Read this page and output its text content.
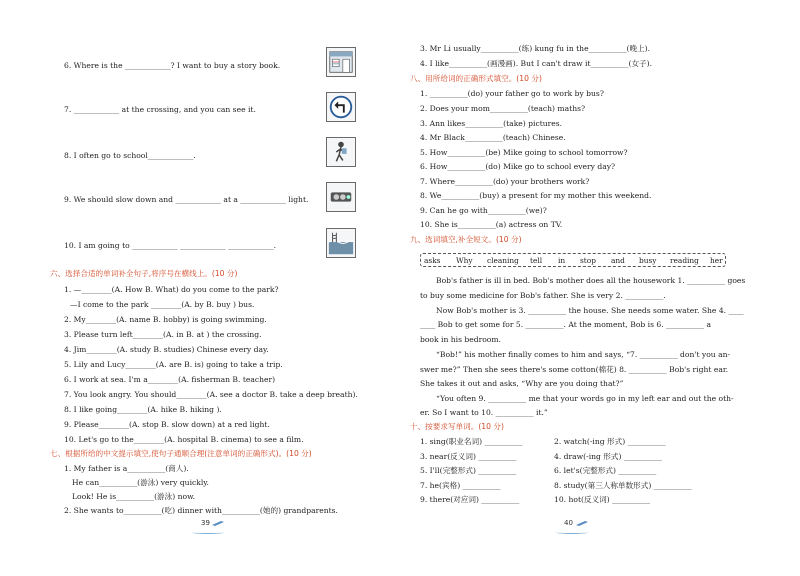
6. Where is the ____________? I want to buy a story book.
7. ____________ at the crossing, and you can see it.
8. I often go to school____________.
9. We should slow down and ____________ at a ____________ light.
10. I am going to ____________ ____________ ____________.
六、选择合适的单词补全句子,将序号在横线上。(10 分)
1. —________(A. How B. What) do you come to the park?
—I come to the park ________(A. by B. buy ) bus.
2. My________(A. name B. hobby) is going swimming.
3. Please turn left________(A. in B. at ) the crossing.
4. Jim________(A. study B. studies) Chinese every day.
5. Lily and Lucy________(A. are B. is) going to take a trip.
6. I work at sea. I'm a________(A. fisherman B. teacher)
7. You look angry. You should________(A. see a doctor B. take a deep breath).
8. I like going________(A. hike B. hiking ).
9. Please________(A. stop B. slow down) at a red light.
10. Let's go to the________(A. hospital B. cinema) to see a film.
七、根据所给的中文提示填空,使句子通顺合理(注意单词的正确形式)。(10 分)
1. My father is a__________(商人).
He can__________(游泳) very quickly.
Look! He is__________(游泳) now.
2. She wants to__________(吃) dinner with__________(她的) grandparents.
39
3. Mr Li usually__________(练) kung fu in the__________(晚上).
4. I like__________(画漫画). But I can't draw it__________(女子).
八、用所给词的正确形式填空。(10 分)
1. __________(do) your father go to work by bus?
2. Does your mom__________(teach) maths?
3. Ann likes__________(take) pictures.
4. Mr Black__________(teach) Chinese.
5. How__________(be) Mike going to school tomorrow?
6. How__________(do) Mike go to school every day?
7. Where__________(do) your brothers work?
8. We__________(buy) a present for my mother this weekend.
9. Can he go with__________(we)?
10. She is__________(a) actress on TV.
九、选词填空,补全短文。(10 分)
asks Why cleaning tell in stop and busy reading her
Bob's father is ill in bed. Bob's mother does all the housework 1. __________ goes
to buy some medicine for Bob's father. She is very 2. __________.
Now Bob's mother is 3. __________ the house. She needs some water. She 4. ____
____ Bob to get some for 5. __________. At the moment, Bob is 6. __________ a
book in his bedroom.
“Bob!” his mother finally comes to him and says, “7. __________ don't you an-
swer me?” Then she sees there's some cotton(棉花) 8. __________ Bob's right ear.
She takes it out and asks, “Why are you doing that?”
“You often 9. __________ me that your words go in my left ear and out the oth-
er. So I want to 10. __________ it.”
十、按要求写单词。(10 分)
1. sing(职业名词) __________
3. near(反义词) __________
5. I'll(完整形式) __________
7. he(宾格) __________
9. there(对应词) __________
2. watch(-ing 形式) __________
4. draw(-ing 形式) __________
6. let's(完整形式) __________
8. study(第三人称单数形式) __________
10. hot(反义词) __________
40
